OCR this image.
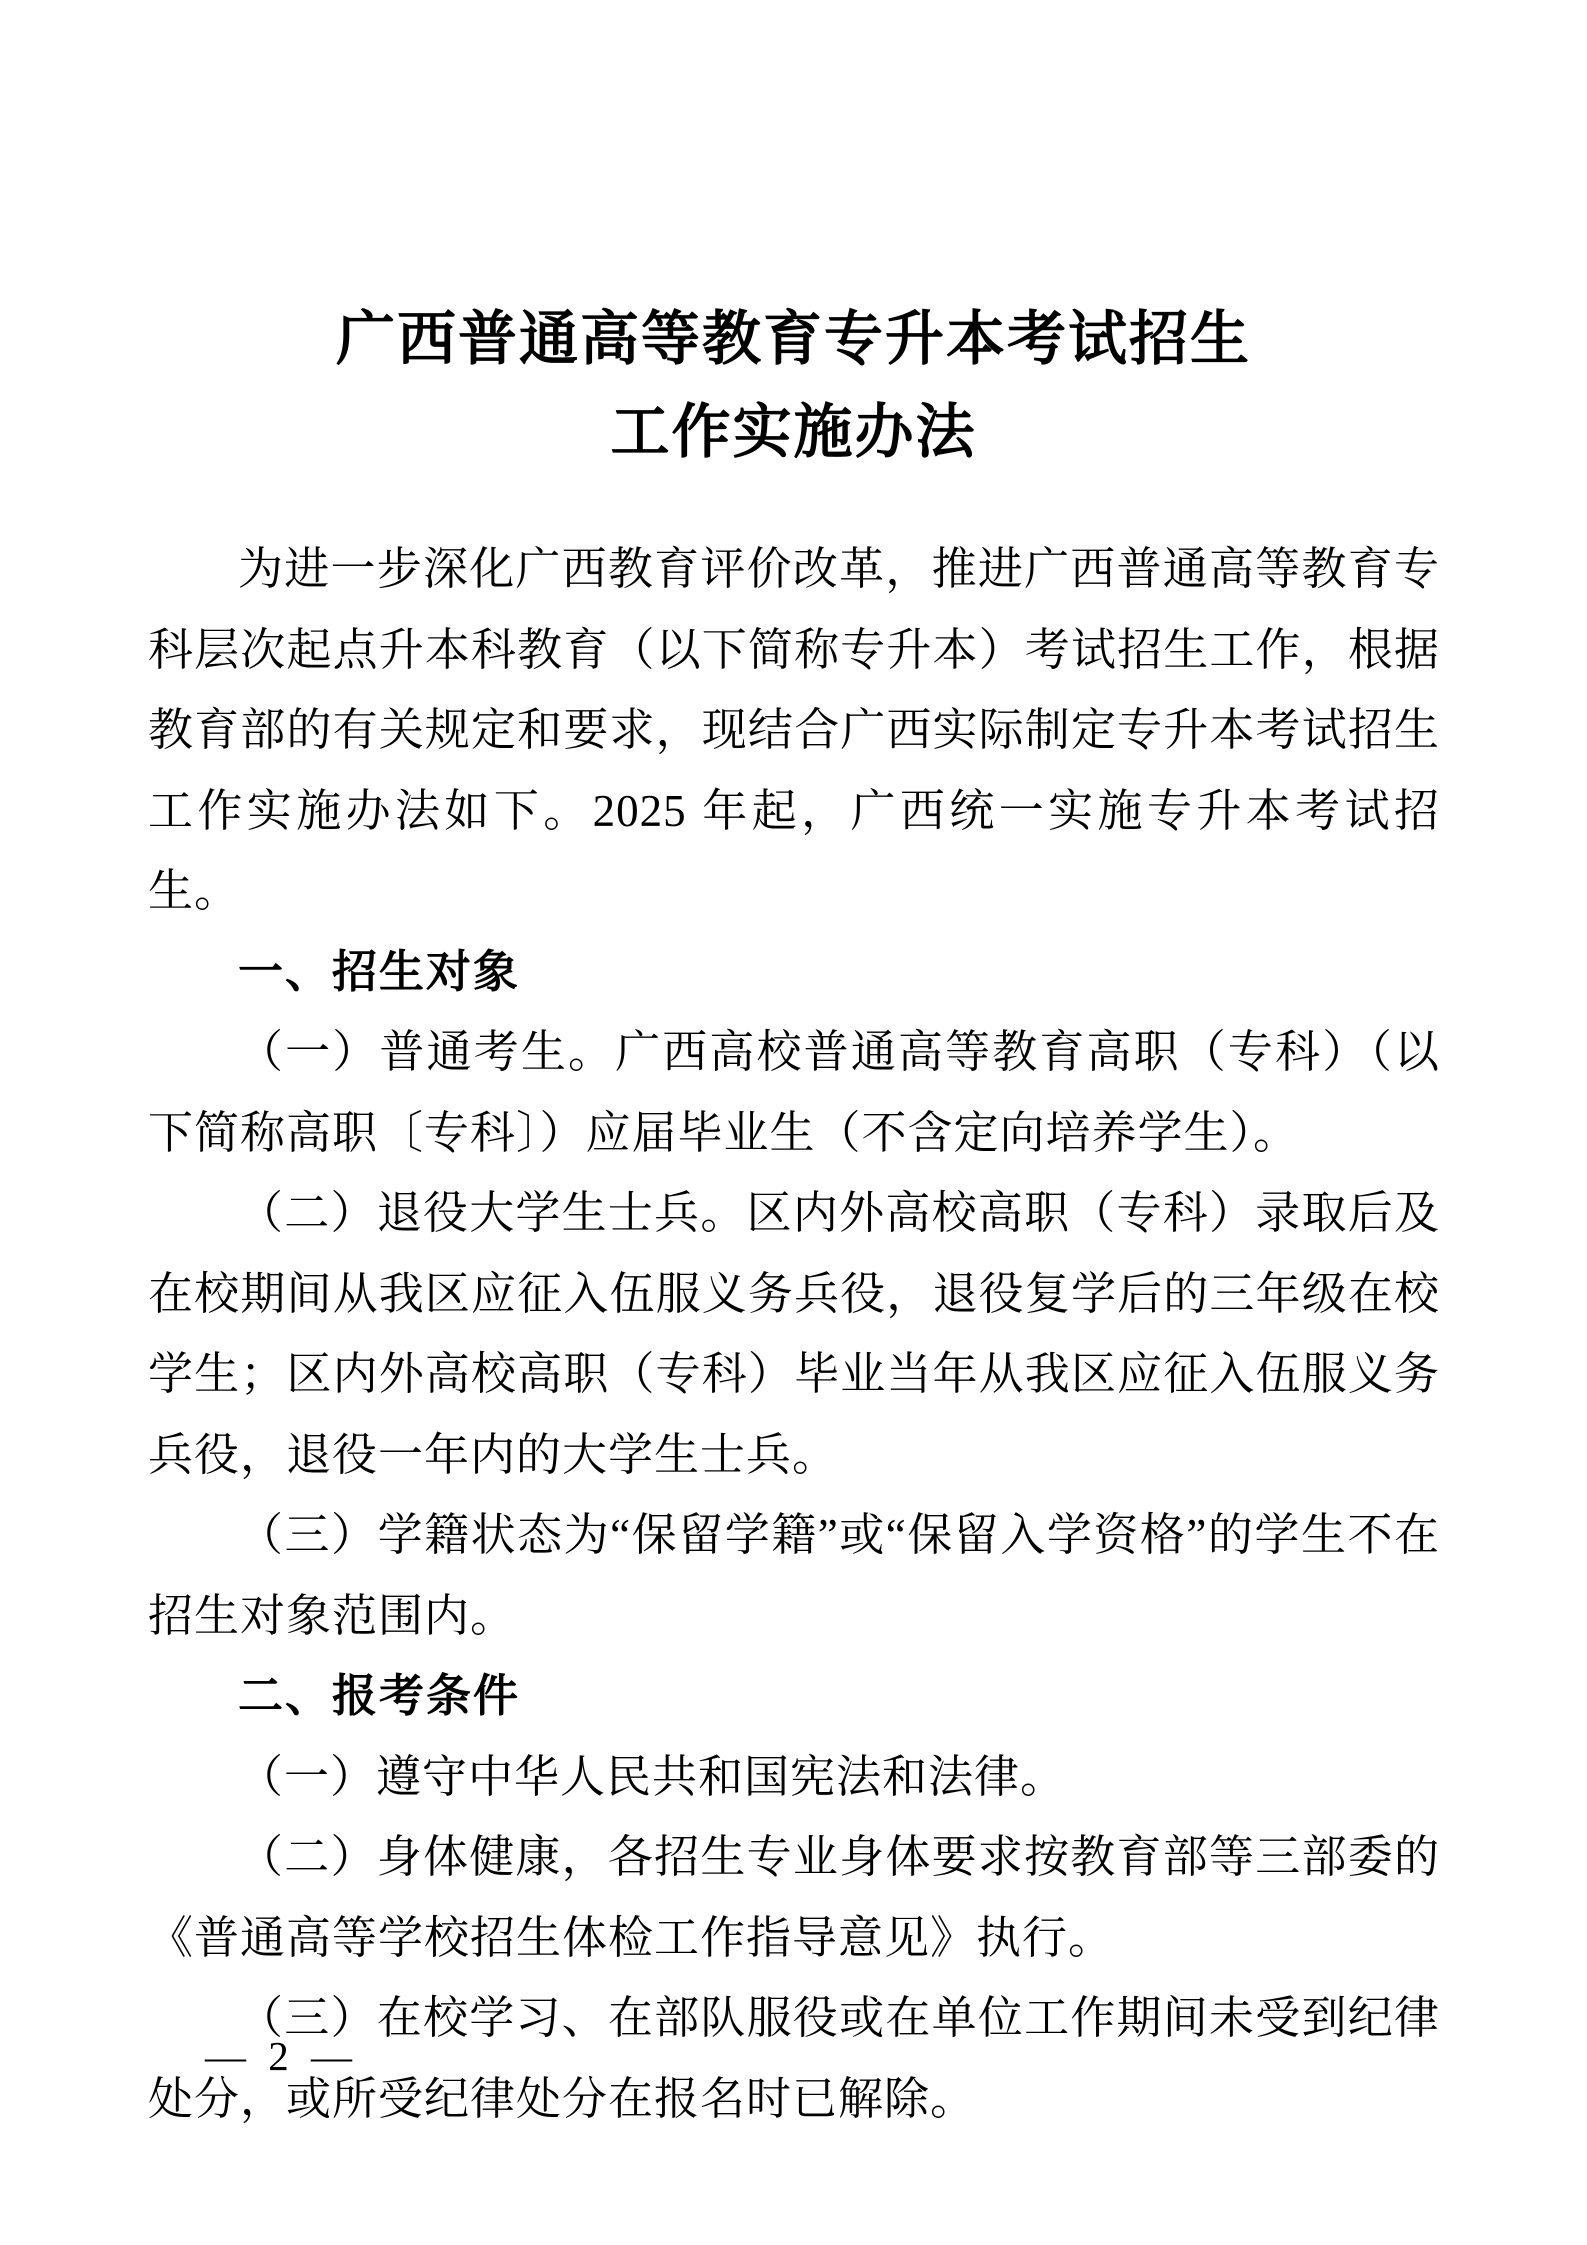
广西普通高等教育专升本考试招生
工作实施办法

为进一步深化广西教育评价改革，推进广西普通高等教育专科层次起点升本科教育（以下简称专升本）考试招生工作，根据教育部的有关规定和要求，现结合广西实际制定专升本考试招生工作实施办法如下。2025 年起，广西统一实施专升本考试招生。

一、招生对象

（一）普通考生。广西高校普通高等教育高职（专科）（以下简称高职〔专科〕）应届毕业生（不含定向培养学生）。

（二）退役大学生士兵。区内外高校高职（专科）录取后及在校期间从我区应征入伍服义务兵役，退役复学后的三年级在校学生；区内外高校高职（专科）毕业当年从我区应征入伍服义务兵役，退役一年内的大学生士兵。

（三）学籍状态为“保留学籍”或“保留入学资格”的学生不在招生对象范围内。

二、报考条件

（一）遵守中华人民共和国宪法和法律。

（二）身体健康，各招生专业身体要求按教育部等三部委的《普通高等学校招生体检工作指导意见》执行。

（三）在校学习、在部队服役或在单位工作期间未受到纪律处分，或所受纪律处分在报名时已解除。

— 2 —
